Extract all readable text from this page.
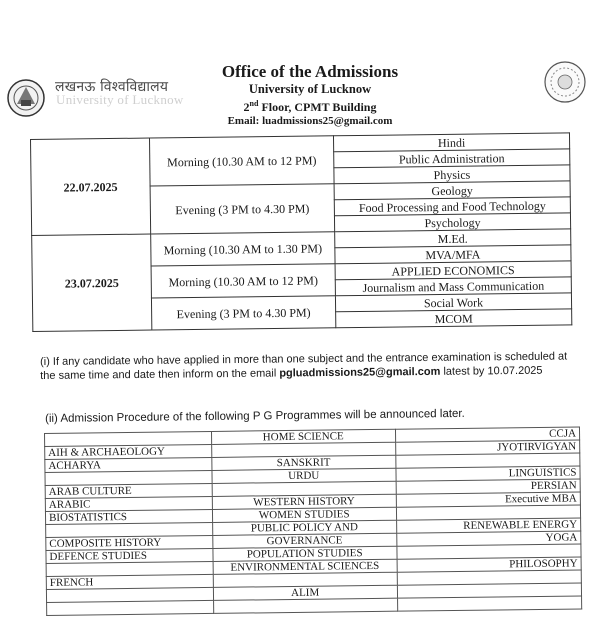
लखनऊ विश्वविद्यालय
University of Lucknow
Office of the Admissions
University of Lucknow
2nd Floor, CPMT Building
Email: luadmissions25@gmail.com
22.07.2025	Morning (10.30 AM to 12 PM)	Hindi
		Public Administration
		Physics
	Evening (3 PM to 4.30 PM)	Geology
		Food Processing and Food Technology
		Psychology
23.07.2025	Morning (10.30 AM to 1.30 PM)	M.Ed.
		MVA/MFA
	Morning (10.30 AM to 12 PM)	APPLIED ECONOMICS
		Journalism and Mass Communication
	Evening (3 PM to 4.30 PM)	Social Work
		MCOM
(i) If any candidate who have applied in more than one subject and the entrance examination is scheduled at the same time and date then inform on the email pgluadmissions25@gmail.com latest by 10.07.2025
(ii) Admission Procedure of the following P G Programmes will be announced later.
	HOME SCIENCE	CCJA
AIH & ARCHAEOLOGY		JYOTIRVIGYAN
ACHARYA	SANSKRIT	
	URDU	LINGUISTICS
ARAB CULTURE		PERSIAN
ARABIC	WESTERN HISTORY	Executive MBA
BIOSTATISTICS	WOMEN STUDIES	
	PUBLIC POLICY AND	RENEWABLE ENERGY
COMPOSITE HISTORY	GOVERNANCE	YOGA
DEFENCE STUDIES	POPULATION STUDIES	
	ENVIRONMENTAL SCIENCES	PHILOSOPHY
FRENCH		
	ALIM	
